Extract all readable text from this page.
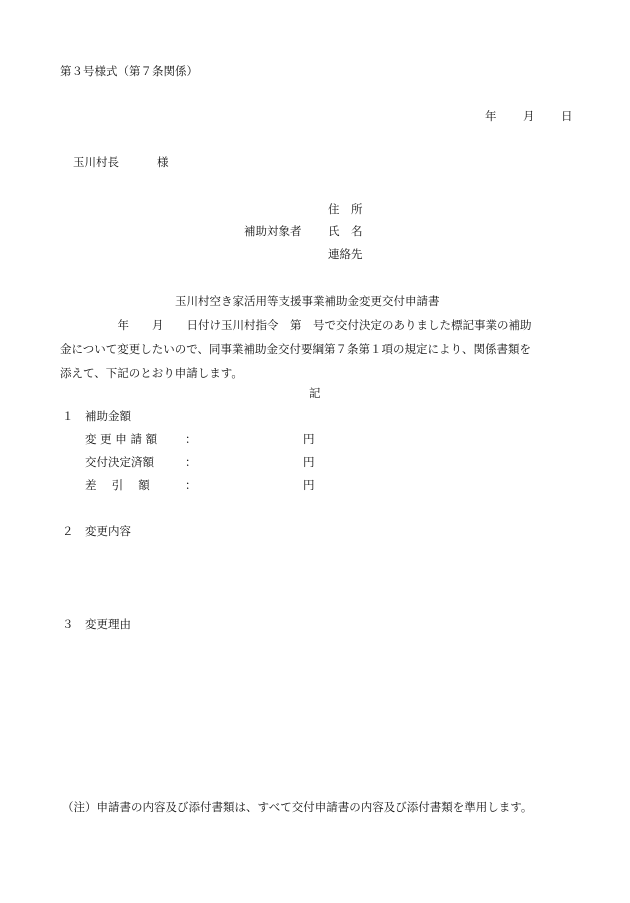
第３号様式（第７条関係）
年 月 日
玉川村長	様
住　所
補助対象者 氏　名
連絡先
玉川村空き家活用等支援事業補助金変更交付申請書
　　　　　年　　月　　日付け玉川村指令　第　号で交付決定のありました標記事業の補助
金について変更したいので、同事業補助金交付要綱第７条第１項の規定により、関係書類を
添えて、下記のとおり申請します。
記
１ 補助金額
変 更 申 請 額 ：	円
交付決定済額	：	円
差　 引　 額	：	円
２ 変更内容
３ 変更理由
（注）申請書の内容及び添付書類は、すべて交付申請書の内容及び添付書類を準用します。
